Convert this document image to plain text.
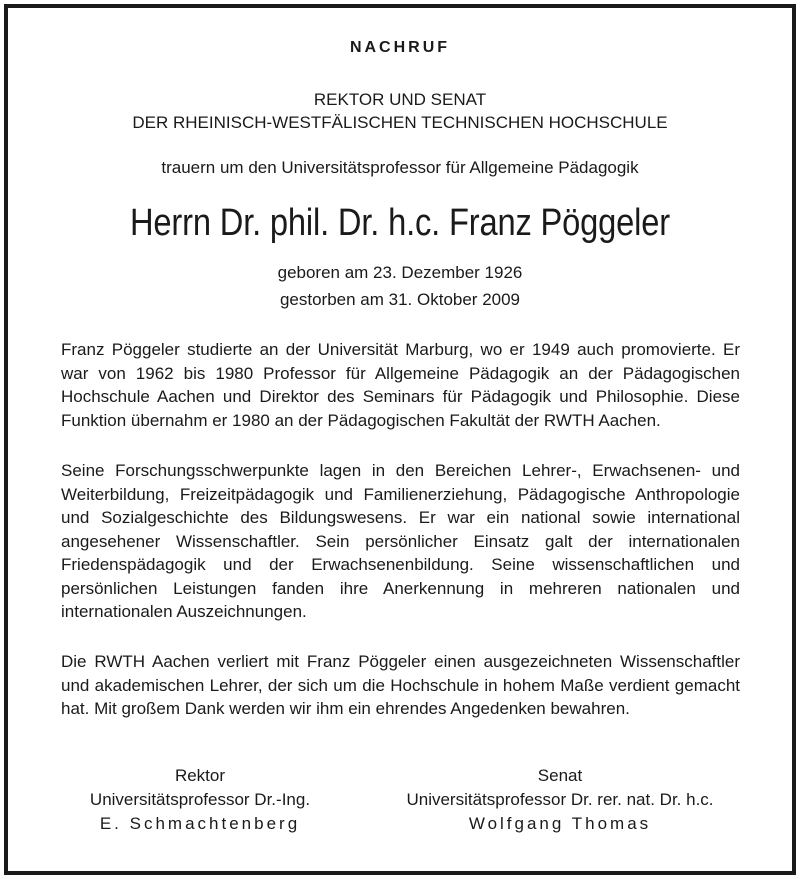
NACHRUF
REKTOR UND SENAT
DER RHEINISCH-WESTFÄLISCHEN TECHNISCHEN HOCHSCHULE
trauern um den Universitätsprofessor für Allgemeine Pädagogik
Herrn Dr. phil. Dr. h.c. Franz Pöggeler
geboren am 23. Dezember 1926
gestorben am 31. Oktober 2009
Franz Pöggeler studierte an der Universität Marburg, wo er 1949 auch promovierte. Er war von 1962 bis 1980 Professor für Allgemeine Pädagogik an der Pädagogischen Hochschule Aachen und Direktor des Seminars für Pädagogik und Philosophie. Diese Funktion übernahm er 1980 an der Pädagogischen Fakultät der RWTH Aachen.
Seine Forschungsschwerpunkte lagen in den Bereichen Lehrer-, Erwachsenen- und Weiterbildung, Freizeitpädagogik und Familienerziehung, Pädagogische Anthropologie und Sozialgeschichte des Bildungswesens. Er war ein national sowie international angesehener Wissenschaftler. Sein persönlicher Einsatz galt der internationalen Friedenspädagogik und der Erwachsenenbildung. Seine wissenschaftlichen und persönlichen Leistungen fanden ihre Anerkennung in mehreren nationalen und internationalen Auszeichnungen.
Die RWTH Aachen verliert mit Franz Pöggeler einen ausgezeichneten Wissenschaftler und akademischen Lehrer, der sich um die Hochschule in hohem Maße verdient gemacht hat. Mit großem Dank werden wir ihm ein ehrendes Angedenken bewahren.
Rektor
Universitätsprofessor Dr.-Ing.
E. Schmachtenberg
Senat
Universitätsprofessor Dr. rer. nat. Dr. h.c.
Wolfgang Thomas
